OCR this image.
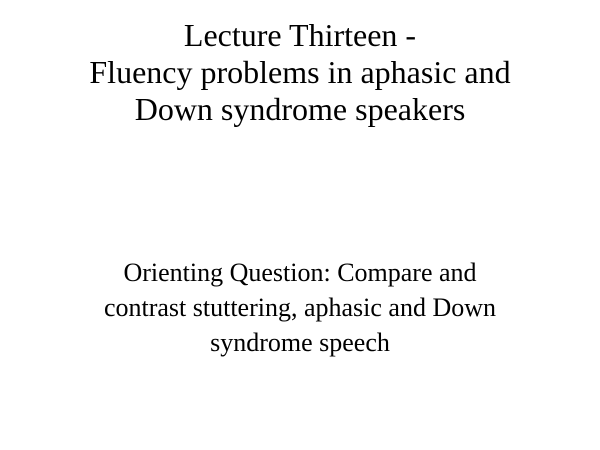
Lecture Thirteen -
Fluency problems in aphasic and
Down syndrome speakers

Orienting Question: Compare and
contrast stuttering, aphasic and Down
syndrome speech
